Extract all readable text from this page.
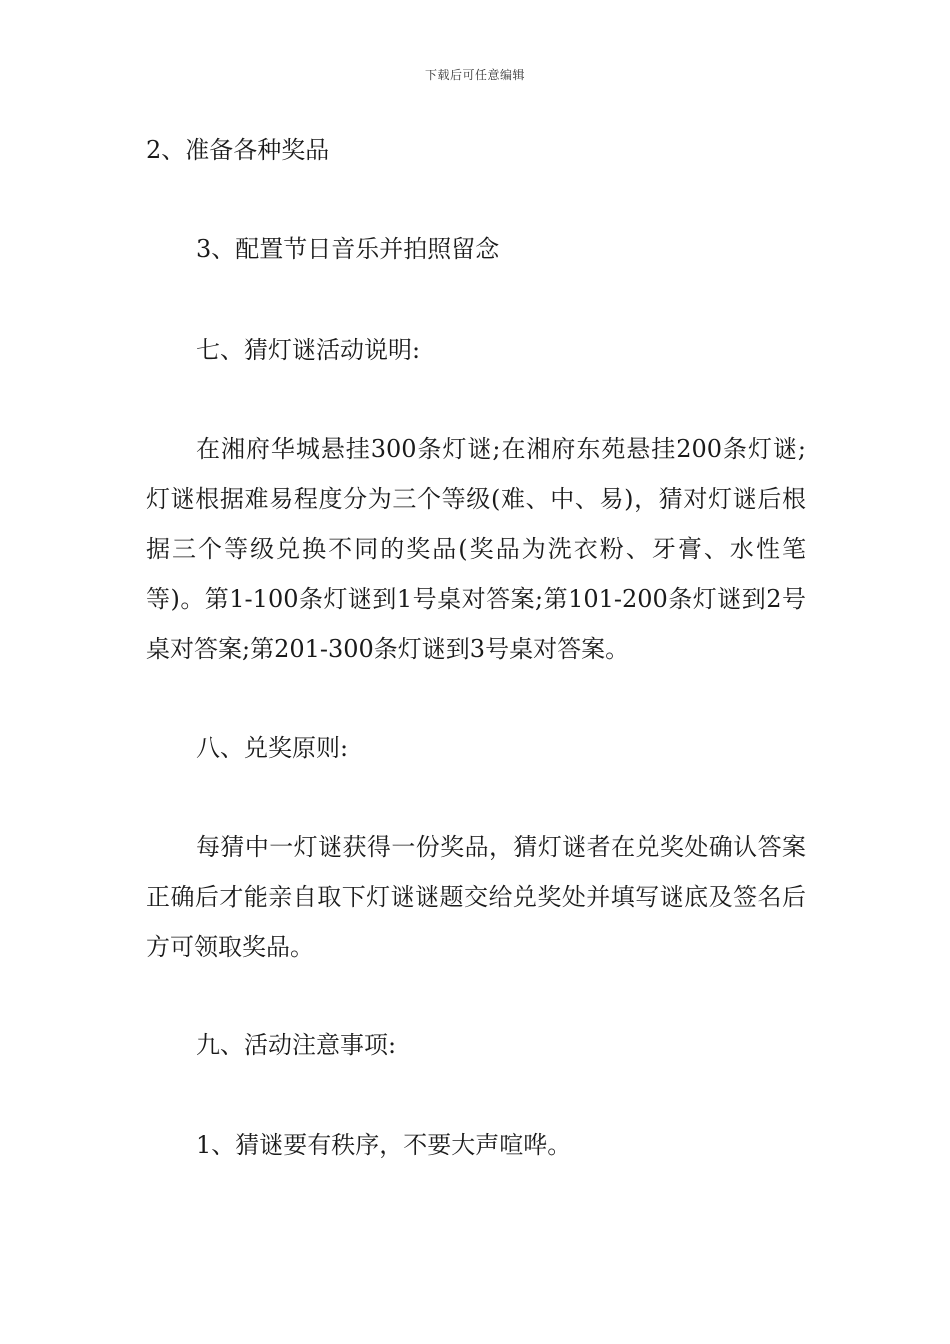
下载后可任意编辑
2、准备各种奖品
3、配置节日音乐并拍照留念
七、猜灯谜活动说明:
在湘府华城悬挂300条灯谜;在湘府东苑悬挂200条灯谜;灯谜根据难易程度分为三个等级(难、中、易)，猜对灯谜后根据三个等级兑换不同的奖品(奖品为洗衣粉、牙膏、水性笔等)。第1-100条灯谜到1号桌对答案;第101-200条灯谜到2号桌对答案;第201-300条灯谜到3号桌对答案。
八、兑奖原则:
每猜中一灯谜获得一份奖品，猜灯谜者在兑奖处确认答案正确后才能亲自取下灯谜谜题交给兑奖处并填写谜底及签名后方可领取奖品。
九、活动注意事项:
1、猜谜要有秩序，不要大声喧哗。
